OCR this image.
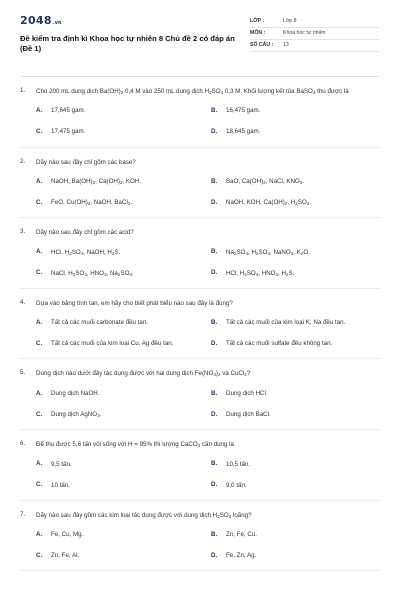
2048 .vn
Đề kiểm tra định kì Khoa học tự nhiên 8 Chủ đề 2 có đáp án (Đề 1)
LỚP :	Lớp 8
MÔN :	Khoa học tự nhiên
SỐ CÂU :	13
1.	Cho 200 mL dung dịch $Ba(OH)_2$ 0,4 M vào 250 mL dung dịch $H_2SO_4$ 0,3 M. Khối lượng kết tủa BaSO$_4$ thu được là
A.	17,645 gam.	B.	16,475 gam.
C.	17,475 gam.	D.	18,645 gam.
2.	Dãy nào sau đây chỉ gồm các base?
A.	NaOH, $Ba(OH)_2$, $Ca(OH)_2$, KOH.	B.	BaO, $Ca(OH)_2$, NaCl, $KNO_3$.
C.	FeO, $Cu(OH)_2$, NaOH, BaCl$_2$.	D.	NaOH, KOH, $Ca(OH)_2$, $H_2SO_4$.
3.	Dãy nào sau đây chỉ gồm các acid?
A.	HCl, $H_2SO_4$, NaOH, $H_2S$.	B.	$Na_2SO_4$, $H_2SO_4$, NaNO$_3$, $K_2O$.
C.	NaCl, $H_2SO_4$, $HNO_3$, $Na_2SO_4$.	D.	HCl, $H_2SO_4$, $HNO_3$, $H_2S$.
4.	Dựa vào bảng tính tan, em hãy cho biết phát biểu nào sau đây là đúng?
A.	Tất cả các muối carbonate đều tan.	B.	Tất cả các muối của kim loại K, Na đều tan.
C.	Tất cả các muối của kim loại Cu, Ag đều tan.	D.	Tất cả các muối sulfate đều không tan.
5.	Dung dịch nào dưới đây tác dụng được với hai dung dịch $Fe(NO_3)_2$ và CuCl$_2$?
A.	Dung dịch NaOH.	B.	Dung dịch HCl.
C.	Dung dịch AgNO$_3$.	D.	Dung dịch BaCl.
6.	Để thu được 5,6 tấn vôi sống với H = 95% thì lượng CaCO$_3$ cần dùng là
A.	9,5 tấn.	B.	10,5 tấn.
C.	10 tấn.	D.	9,0 tấn.
7.	Dãy nào sau đây gồm các kim loại tác dụng được với dung dịch $H_2SO_4$ loãng?
A.	Fe, Cu, Mg.	B.	Zn, Fe, Cu.
C.	Zn, Fe, Al.	D.	Fe, Zn, Ag.
